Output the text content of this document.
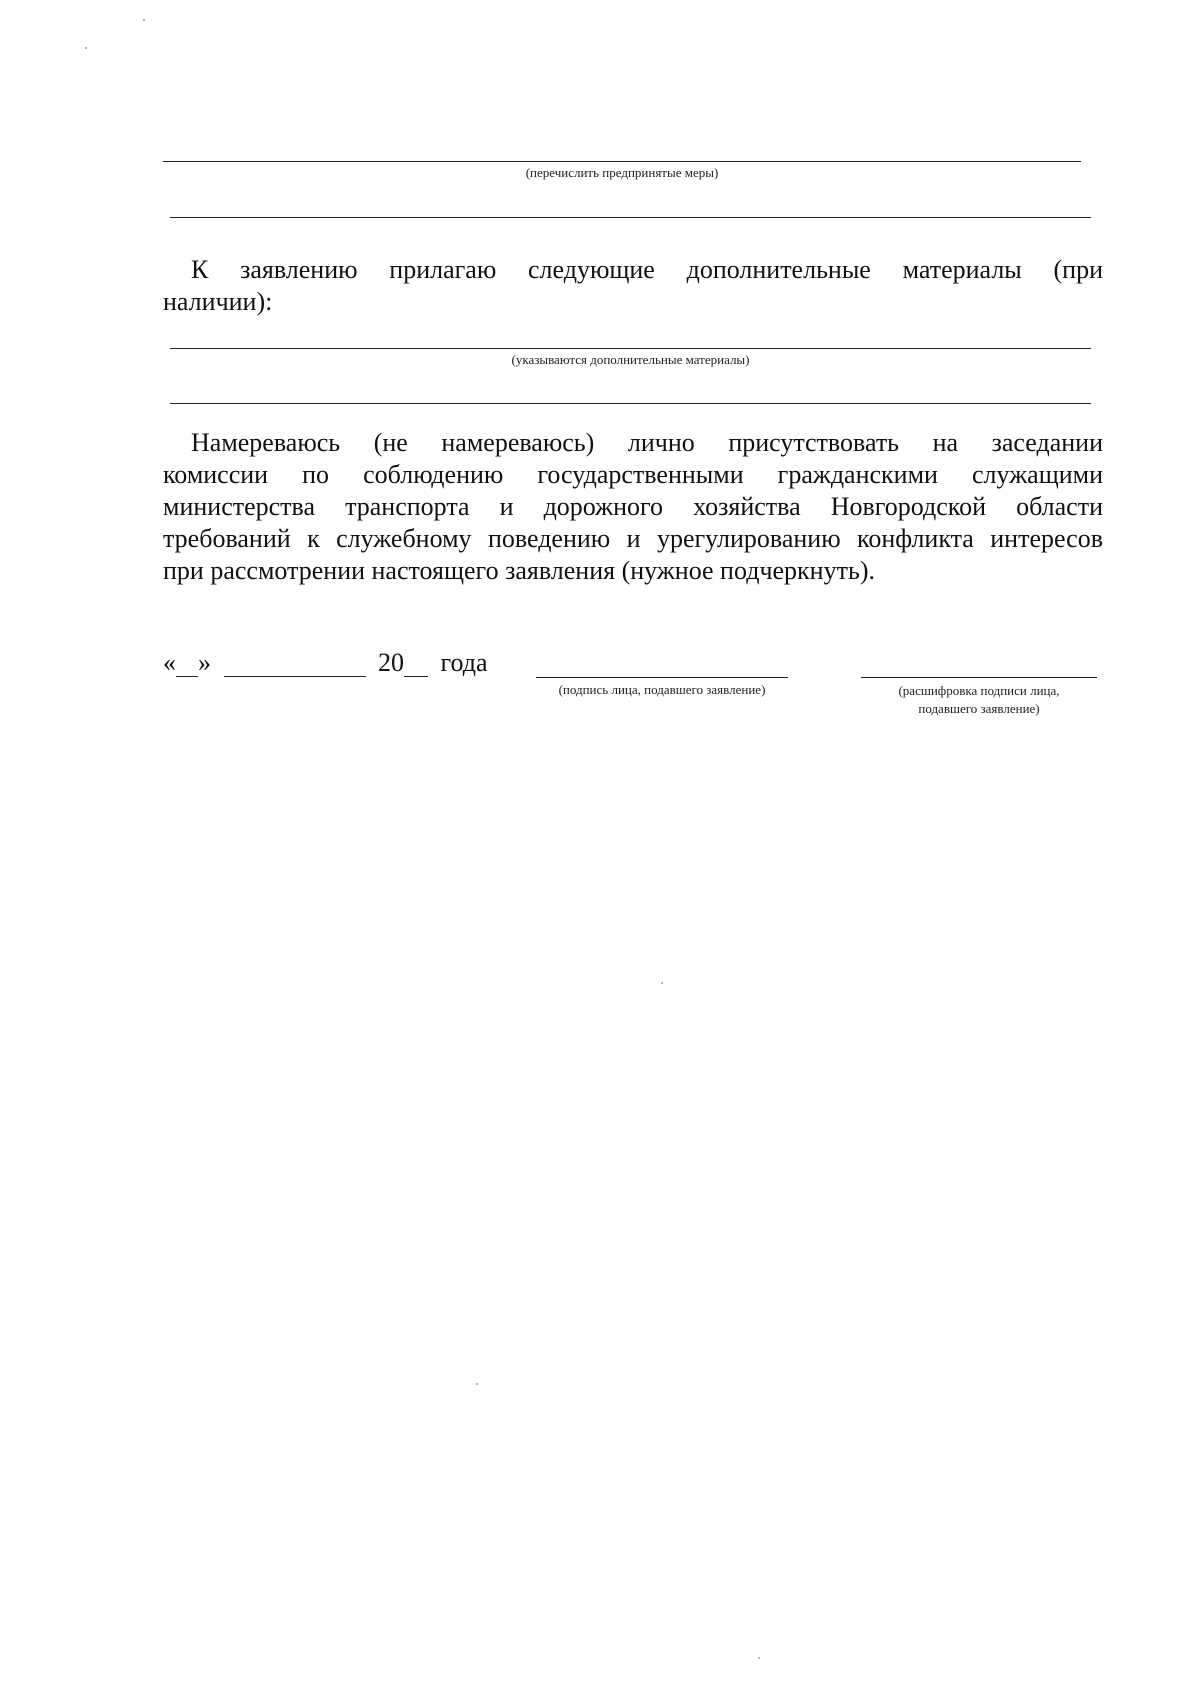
(перечислить предпринятые меры)
К заявлению прилагаю следующие дополнительные материалы (при
наличии):
(указываются дополнительные материалы)
Намереваюсь (не намереваюсь) лично присутствовать на заседании
комиссии по соблюдению государственными гражданскими служащими
министерства транспорта и дорожного хозяйства Новгородской области
требований к служебному поведению и урегулированию конфликта интересов
при рассмотрении настоящего заявления (нужное подчеркнуть).
« »	20 года
(подпись лица, подавшего заявление)	(расшифровка подписи лица,
подавшего заявление)
